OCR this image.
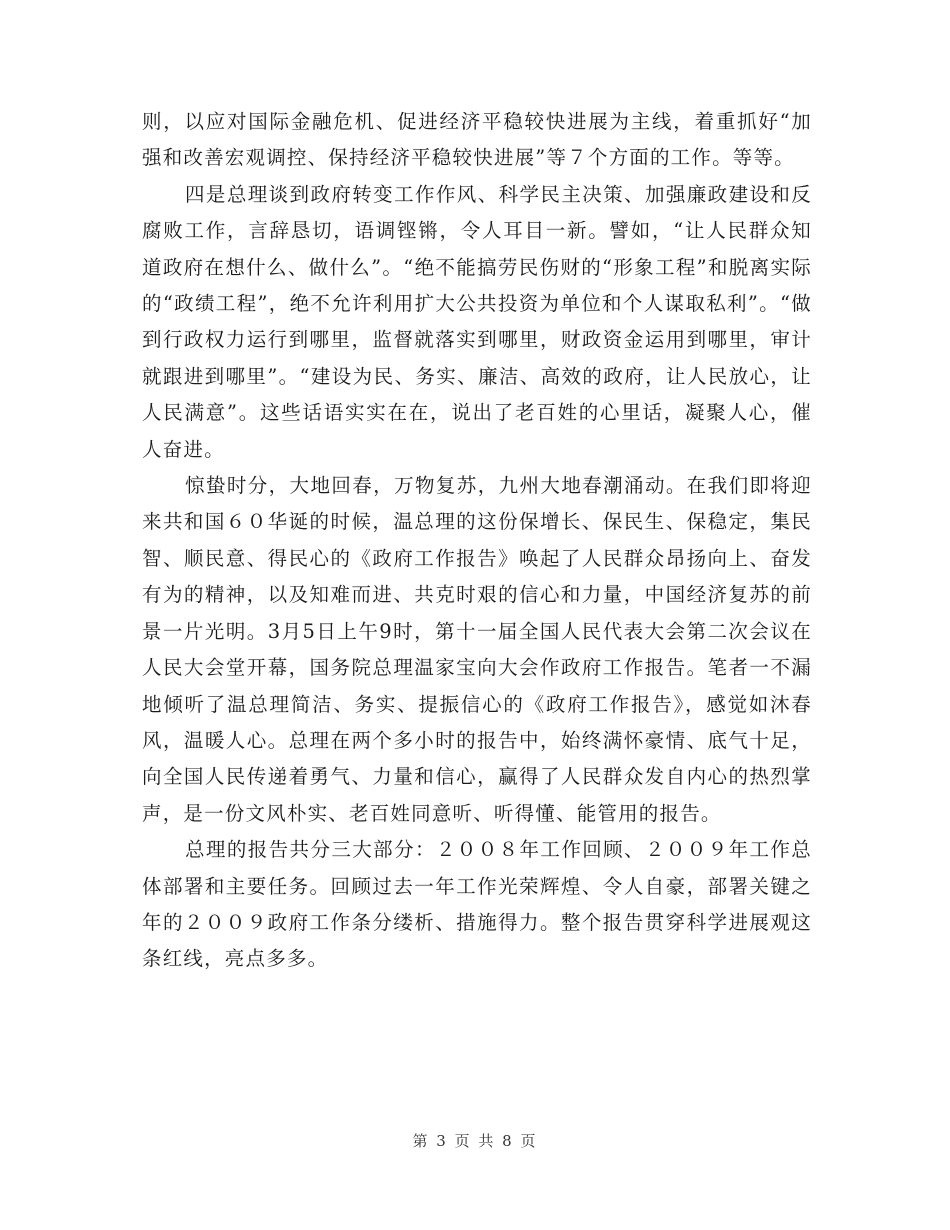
则，以应对国际金融危机、促进经济平稳较快进展为主线，着重抓好“加强和改善宏观调控、保持经济平稳较快进展”等７个方面的工作。等等。

四是总理谈到政府转变工作作风、科学民主决策、加强廉政建设和反腐败工作，言辞恳切，语调铿锵，令人耳目一新。譬如，“让人民群众知道政府在想什么、做什么”。“绝不能搞劳民伤财的“形象工程”和脱离实际的“政绩工程”，绝不允许利用扩大公共投资为单位和个人谋取私利”。“做到行政权力运行到哪里，监督就落实到哪里，财政资金运用到哪里，审计就跟进到哪里”。“建设为民、务实、廉洁、高效的政府，让人民放心，让人民满意”。这些话语实实在在，说出了老百姓的心里话，凝聚人心，催人奋进。

惊蛰时分，大地回春，万物复苏，九州大地春潮涌动。在我们即将迎来共和国６０华诞的时候，温总理的这份保增长、保民生、保稳定，集民智、顺民意、得民心的《政府工作报告》唤起了人民群众昂扬向上、奋发有为的精神，以及知难而进、共克时艰的信心和力量，中国经济复苏的前景一片光明。3月5日上午9时，第十一届全国人民代表大会第二次会议在人民大会堂开幕，国务院总理温家宝向大会作政府工作报告。笔者一不漏地倾听了温总理简洁、务实、提振信心的《政府工作报告》，感觉如沐春风，温暖人心。总理在两个多小时的报告中，始终满怀豪情、底气十足，向全国人民传递着勇气、力量和信心，赢得了人民群众发自内心的热烈掌声，是一份文风朴实、老百姓同意听、听得懂、能管用的报告。

总理的报告共分三大部分：２００８年工作回顾、２００９年工作总体部署和主要任务。回顾过去一年工作光荣辉煌、令人自豪，部署关键之年的２００９政府工作条分缕析、措施得力。整个报告贯穿科学进展观这条红线，亮点多多。

第 3 页 共 8 页
